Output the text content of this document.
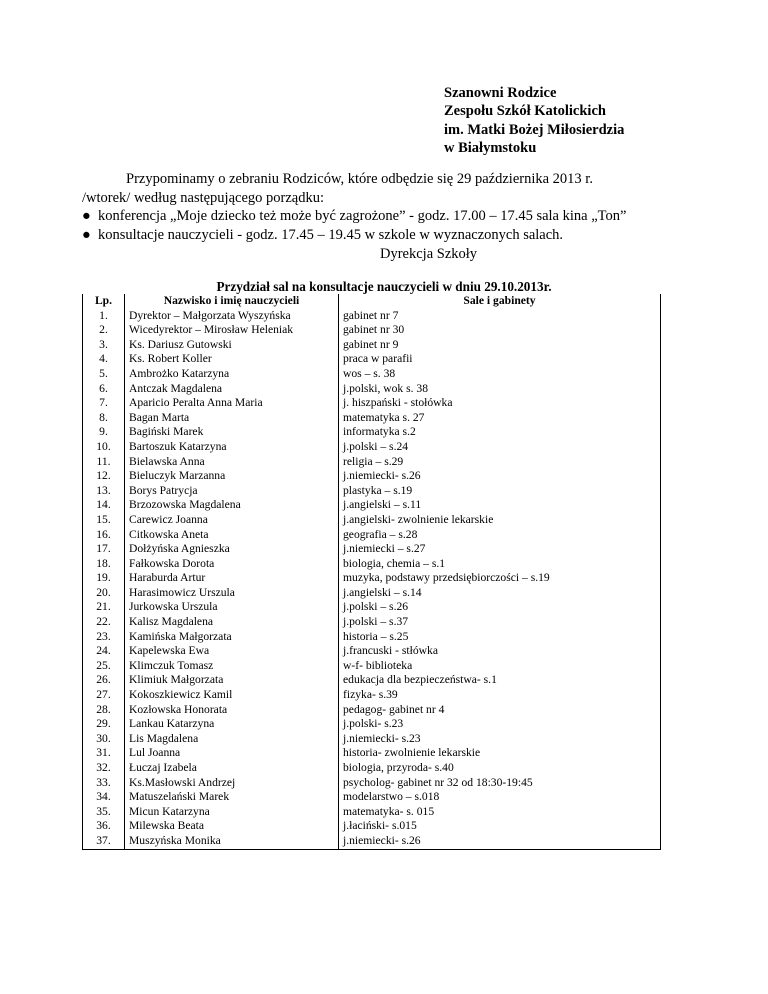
Szanowni Rodzice
Zespołu Szkół Katolickich
im. Matki Bożej Miłosierdzia
w Białymstoku
Przypominamy o zebraniu Rodziców, które odbędzie się 29 października 2013 r.
/wtorek/ według następującego porządku:
● konferencja „Moje dziecko też może być zagrożone” - godz. 17.00 – 17.45 sala kina „Ton”
● konsultacje nauczycieli - godz. 17.45 – 19.45 w szkole w wyznaczonych salach.
Dyrekcja Szkoły
Przydział sal na konsultacje nauczycieli w dniu 29.10.2013r.
Lp.	Nazwisko i imię nauczycieli	Sale i gabinety
1.	Dyrektor – Małgorzata Wyszyńska	gabinet nr 7
2.	Wicedyrektor – Mirosław Heleniak	gabinet nr 30
3.	Ks. Dariusz Gutowski	gabinet nr 9
4.	Ks. Robert Koller	praca w parafii
5.	Ambrożko Katarzyna	wos – s. 38
6.	Antczak Magdalena	j.polski, wok s. 38
7.	Aparicio Peralta Anna Maria	j. hiszpański - stołówka
8.	Bagan Marta	matematyka s. 27
9.	Bagiński Marek	informatyka s.2
10.	Bartoszuk Katarzyna	j.polski – s.24
11.	Bielawska Anna	religia – s.29
12.	Bieluczyk Marzanna	j.niemiecki- s.26
13.	Borys Patrycja	plastyka – s.19
14.	Brzozowska Magdalena	j.angielski – s.11
15.	Carewicz Joanna	j.angielski- zwolnienie lekarskie
16.	Citkowska Aneta	geografia – s.28
17.	Dołżyńska Agnieszka	j.niemiecki – s.27
18.	Fałkowska Dorota	biologia, chemia – s.1
19.	Haraburda Artur	muzyka, podstawy przedsiębiorczości – s.19
20.	Harasimowicz Urszula	j.angielski – s.14
21.	Jurkowska Urszula	j.polski – s.26
22.	Kalisz Magdalena	j.polski – s.37
23.	Kamińska Małgorzata	historia – s.25
24.	Kapelewska Ewa	j.francuski - stłówka
25.	Klimczuk Tomasz	w-f- biblioteka
26.	Klimiuk Małgorzata	edukacja dla bezpieczeństwa- s.1
27.	Kokoszkiewicz Kamil	fizyka- s.39
28.	Kozłowska Honorata	pedagog- gabinet nr 4
29.	Lankau Katarzyna	j.polski- s.23
30.	Lis Magdalena	j.niemiecki- s.23
31.	Lul Joanna	historia- zwolnienie lekarskie
32.	Łuczaj Izabela	biologia, przyroda- s.40
33.	Ks.Masłowski Andrzej	psycholog- gabinet nr 32 od 18:30-19:45
34.	Matuszelański Marek	modelarstwo – s.018
35.	Micun Katarzyna	matematyka- s. 015
36.	Milewska Beata	j.łaciński- s.015
37.	Muszyńska Monika	j.niemiecki- s.26
